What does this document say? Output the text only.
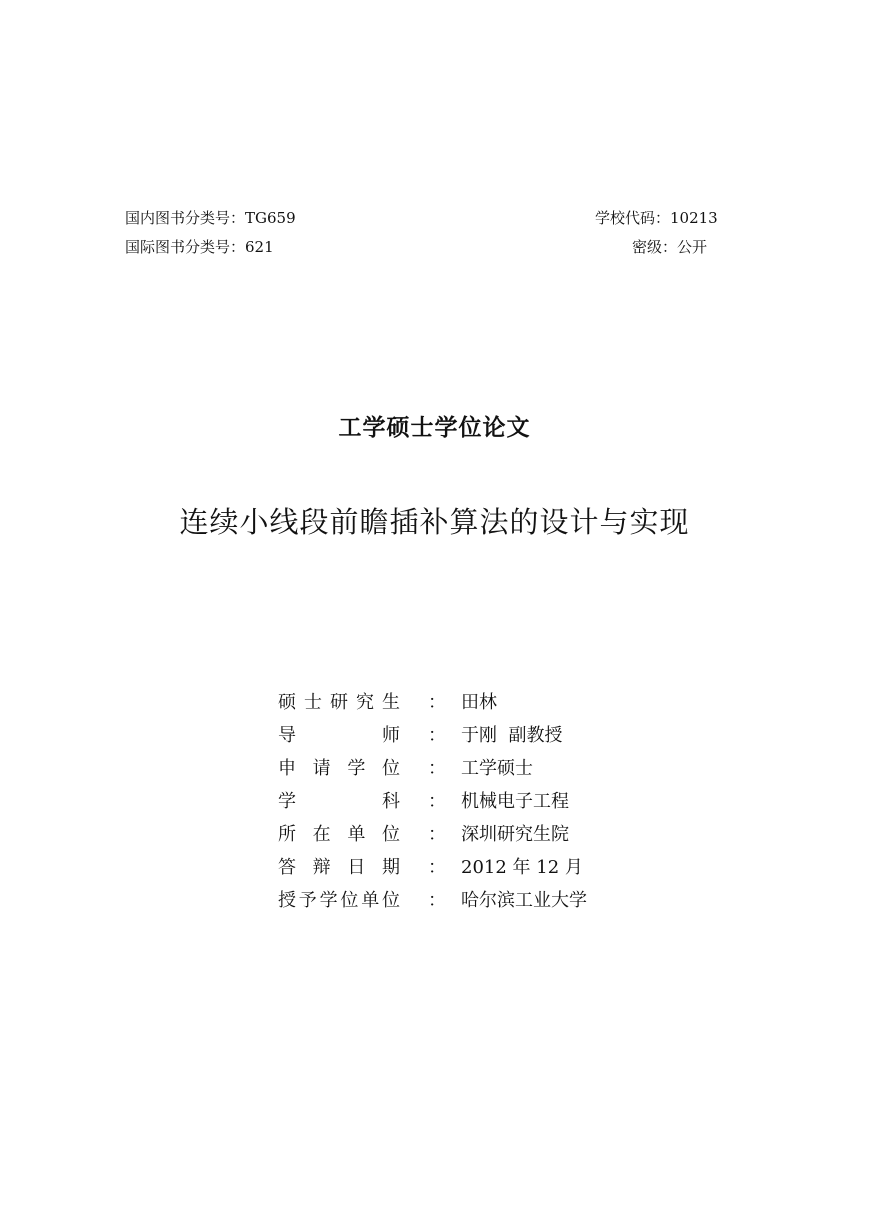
国内图书分类号：TG659
国际图书分类号：621
学校代码：10213
密级：公开
工学硕士学位论文
连续小线段前瞻插补算法的设计与实现
硕 士 研 究 生 ： 田林
导	师 ： 于刚  副教授
申 请 学 位 ： 工学硕士
学	科 ： 机械电子工程
所 在 单 位 ： 深圳研究生院
答 辩 日 期 ： 2012 年 12 月
授 予 学 位 单 位 ： 哈尔滨工业大学
